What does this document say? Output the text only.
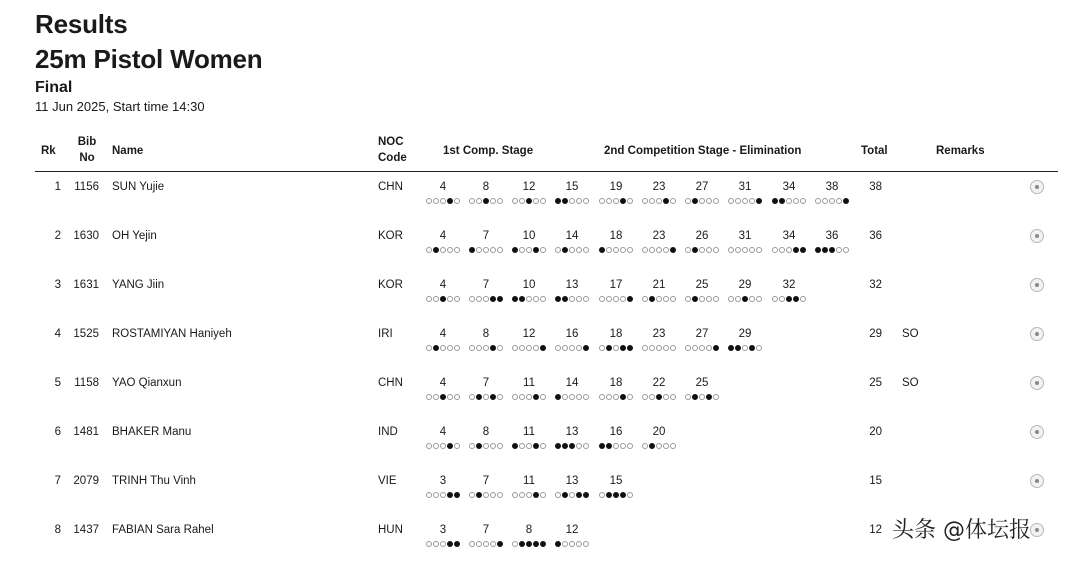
Results
25m Pistol Women
Final
11 Jun 2025, Start time 14:30
Rk
Bib
No
Name
NOC
Code
1st Comp. Stage	2nd Competition Stage - Elimination	Total	Remarks
1 1156 SUN Yujie	CHN	4	8	12	15	19	23	27	31	34	38	38
2 1630 OH Yejin	KOR	4	7	10	14	18	23	26	31	34	36	36
3 1631 YANG Jiin	KOR	4	7	10	13	17	21	25	29	32	32
4 1525 ROSTAMIYAN Haniyeh	IRI	4	8	12	16	18	23	27	29	29 SO
5 1158 YAO Qianxun	CHN	4	7	11	14	18	22	25	25 SO
6 1481 BHAKER Manu	IND	4	8	11	13	16	20	20
7 2079 TRINH Thu Vinh	VIE	3	7	11	13	15	15
8 1437 FABIAN Sara Rahel	HUN	3	7	8	12	12 头条 @体坛报
